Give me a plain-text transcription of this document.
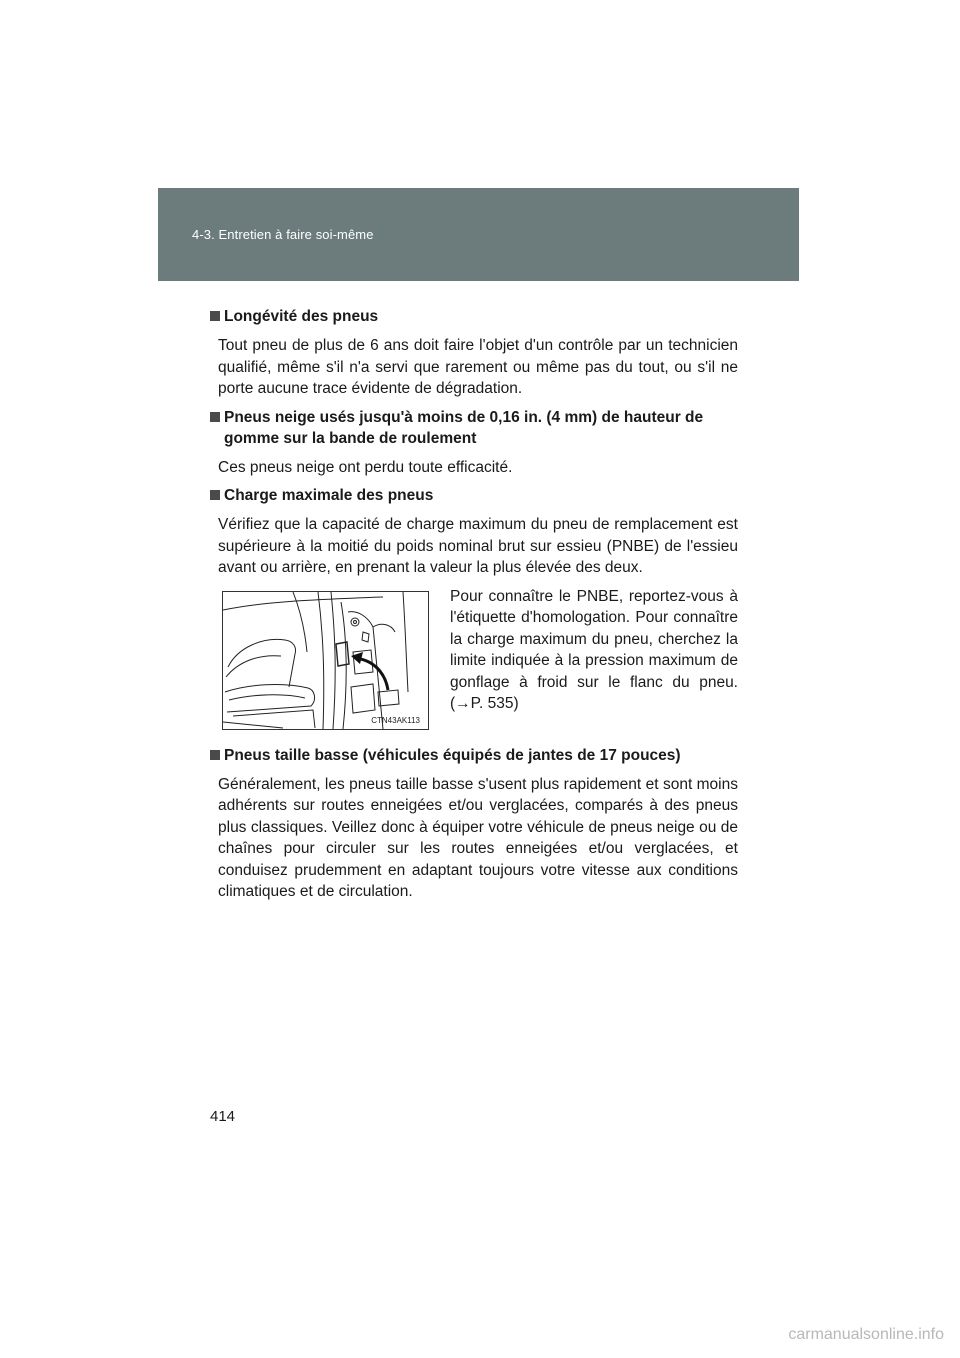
4-3. Entretien à faire soi-même
Longévité des pneus
Tout pneu de plus de 6 ans doit faire l'objet d'un contrôle par un technicien qualifié, même s'il n'a servi que rarement ou même pas du tout, ou s'il ne porte aucune trace évidente de dégradation.
Pneus neige usés jusqu'à moins de 0,16 in. (4 mm) de hauteur de gomme sur la bande de roulement
Ces pneus neige ont perdu toute efficacité.
Charge maximale des pneus
Vérifiez que la capacité de charge maximum du pneu de remplacement est supérieure à la moitié du poids nominal brut sur essieu (PNBE) de l'essieu avant ou arrière, en prenant la valeur la plus élevée des deux.
CTN43AK113
Pour connaître le PNBE, reportez-vous à l'étiquette d'homologation. Pour connaître la charge maximum du pneu, cherchez la limite indiquée à la pression maximum de gonflage à froid sur le flanc du pneu. (→P. 535)
Pneus taille basse (véhicules équipés de jantes de 17 pouces)
Généralement, les pneus taille basse s'usent plus rapidement et sont moins adhérents sur routes enneigées et/ou verglacées, comparés à des pneus plus classiques. Veillez donc à équiper votre véhicule de pneus neige ou de chaînes pour circuler sur les routes enneigées et/ou verglacées, et conduisez prudemment en adaptant toujours votre vitesse aux conditions climatiques et de circulation.
414
carmanualsonline.info
